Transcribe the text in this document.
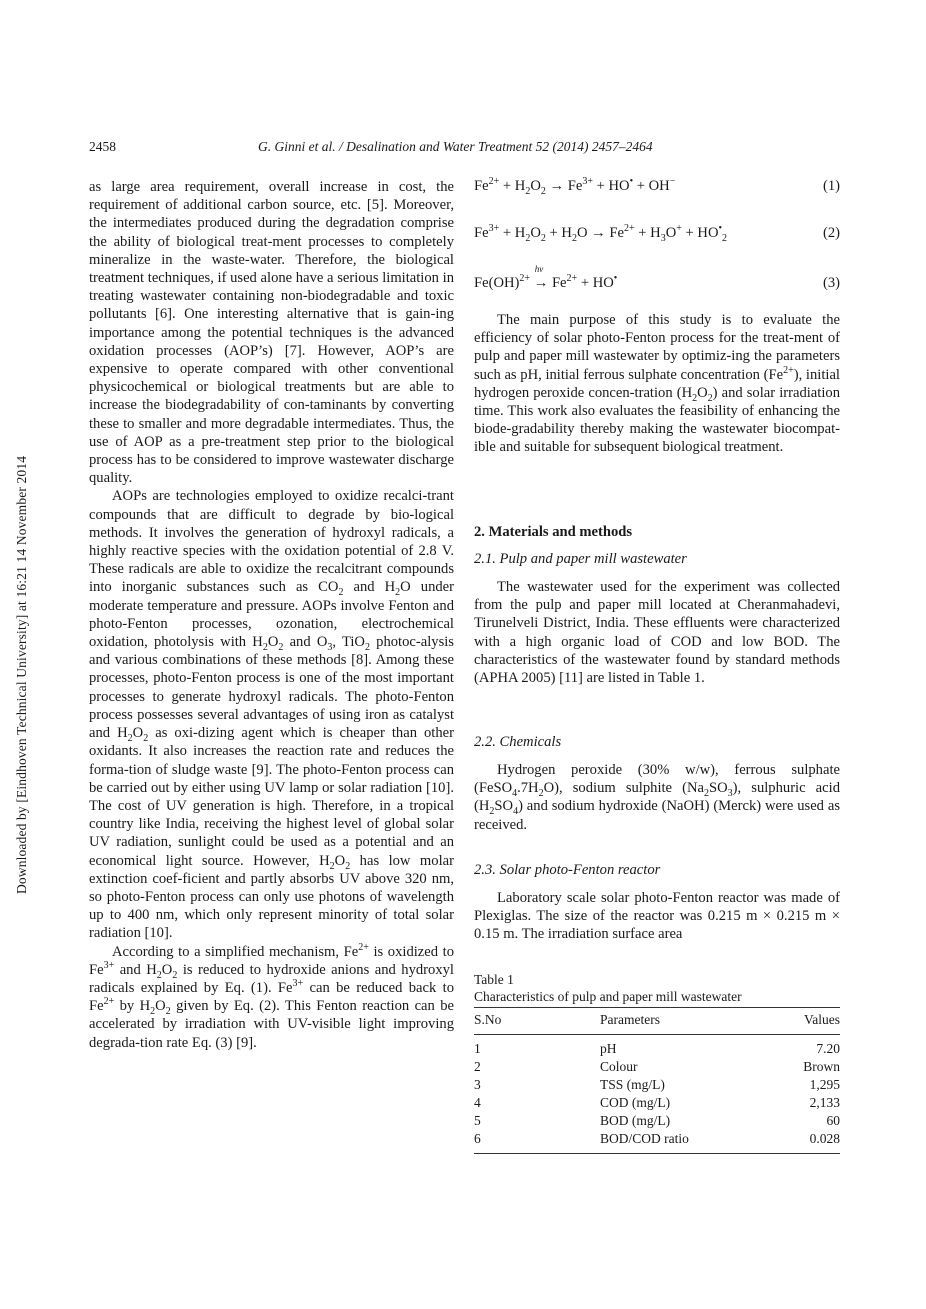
2458	G. Ginni et al. / Desalination and Water Treatment 52 (2014) 2457–2464
Downloaded by [Eindhoven Technical University] at 16:21 14 November 2014

as large area requirement, overall increase in cost, the requirement of additional carbon source, etc. [5]. Moreover, the intermediates produced during the degradation comprise the ability of biological treat-ment processes to completely mineralize in the waste-water. Therefore, the biological treatment techniques, if used alone have a serious limitation in treating wastewater containing non-biodegradable and toxic pollutants [6]. One interesting alternative that is gain-ing importance among the potential techniques is the advanced oxidation processes (AOP’s) [7]. However, AOP’s are expensive to operate compared with other conventional physicochemical or biological treatments but are able to increase the biodegradability of con-taminants by converting these to smaller and more degradable intermediates. Thus, the use of AOP as a pre-treatment step prior to the biological process has to be considered to improve wastewater discharge quality.

AOPs are technologies employed to oxidize recalci-trant compounds that are difficult to degrade by bio-logical methods. It involves the generation of hydroxyl radicals, a highly reactive species with the oxidation potential of 2.8 V. These radicals are able to oxidize the recalcitrant compounds into inorganic substances such as $CO_2$ and $H_2O$ under moderate temperature and pressure. AOPs involve Fenton and photo-Fenton processes, ozonation, electrochemical oxidation, photolysis with $H_2O_2$ and $O_3$, TiO$_2$ photoc-alysis and various combinations of these methods [8]. Among these processes, photo-Fenton process is one of the most important processes to generate hydroxyl radicals. The photo-Fenton process possesses several advantages of using iron as catalyst and $H_2O_2$ as oxi-dizing agent which is cheaper than other oxidants. It also increases the reaction rate and reduces the forma-tion of sludge waste [9]. The photo-Fenton process can be carried out by either using UV lamp or solar radiation [10]. The cost of UV generation is high. Therefore, in a tropical country like India, receiving the highest level of global solar UV radiation, sunlight could be used as a potential and an economical light source. However, $H_2O_2$ has low molar extinction coef-ficient and partly absorbs UV above 320 nm, so photo-Fenton process can only use photons of wavelength up to 400 nm, which only represent minority of total solar radiation [10].

According to a simplified mechanism, $Fe^{2+}$ is oxidized to $Fe^{3+}$ and $H_2O_2$ is reduced to hydroxide anions and hydroxyl radicals explained by Eq. (1). $Fe^{3+}$ can be reduced back to $Fe^{2+}$ by $H_2O_2$ given by Eq. (2). This Fenton reaction can be accelerated by irradiation with UV-visible light improving degrada-tion rate Eq. (3) [9].

$Fe^{2+} + H_2O_2 \to Fe^{3+} + HO^• + OH^-$	(1)
$Fe^{3+} + H_2O_2 + H_2O \to Fe^{2+} + H_3O^+ + HO^•_2$	(2)
Fe(OH)$^{2+}$ →
hν
$Fe^{2+} + HO^•$	(3)

The main purpose of this study is to evaluate the efficiency of solar photo-Fenton process for the treat-ment of pulp and paper mill wastewater by optimiz-ing the parameters such as pH, initial ferrous sulphate concentration $(Fe^{2+})$, initial hydrogen peroxide concen-tration $(H_2O_2)$ and solar irradiation time. This work also evaluates the feasibility of enhancing the biode-gradability thereby making the wastewater biocompat-ible and suitable for subsequent biological treatment.

2. Materials and methods
2.1. Pulp and paper mill wastewater

The wastewater used for the experiment was collected from the pulp and paper mill located at Cheranmahadevi, Tirunelveli District, India. These effluents were characterized with a high organic load of COD and low BOD. The characteristics of the wastewater found by standard methods (APHA 2005) [11] are listed in Table 1.

2.2. Chemicals

Hydrogen peroxide (30% w/w), ferrous sulphate $(FeSO_4.7H_2O)$, sodium sulphite $(Na_2SO_3)$, sulphuric acid $(H_2SO_4)$ and sodium hydroxide (NaOH) (Merck) were used as received.

2.3. Solar photo-Fenton reactor

Laboratory scale solar photo-Fenton reactor was made of Plexiglas. The size of the reactor was 0.215 m × 0.215 m × 0.15 m. The irradiation surface area

Table 1
Characteristics of pulp and paper mill wastewater
S.No	Parameters	Values
1	pH	7.20
2	Colour	Brown
3	TSS (mg/L)	1,295
4	COD (mg/L)	2,133
5	BOD (mg/L)	60
6	BOD/COD ratio	0.028
